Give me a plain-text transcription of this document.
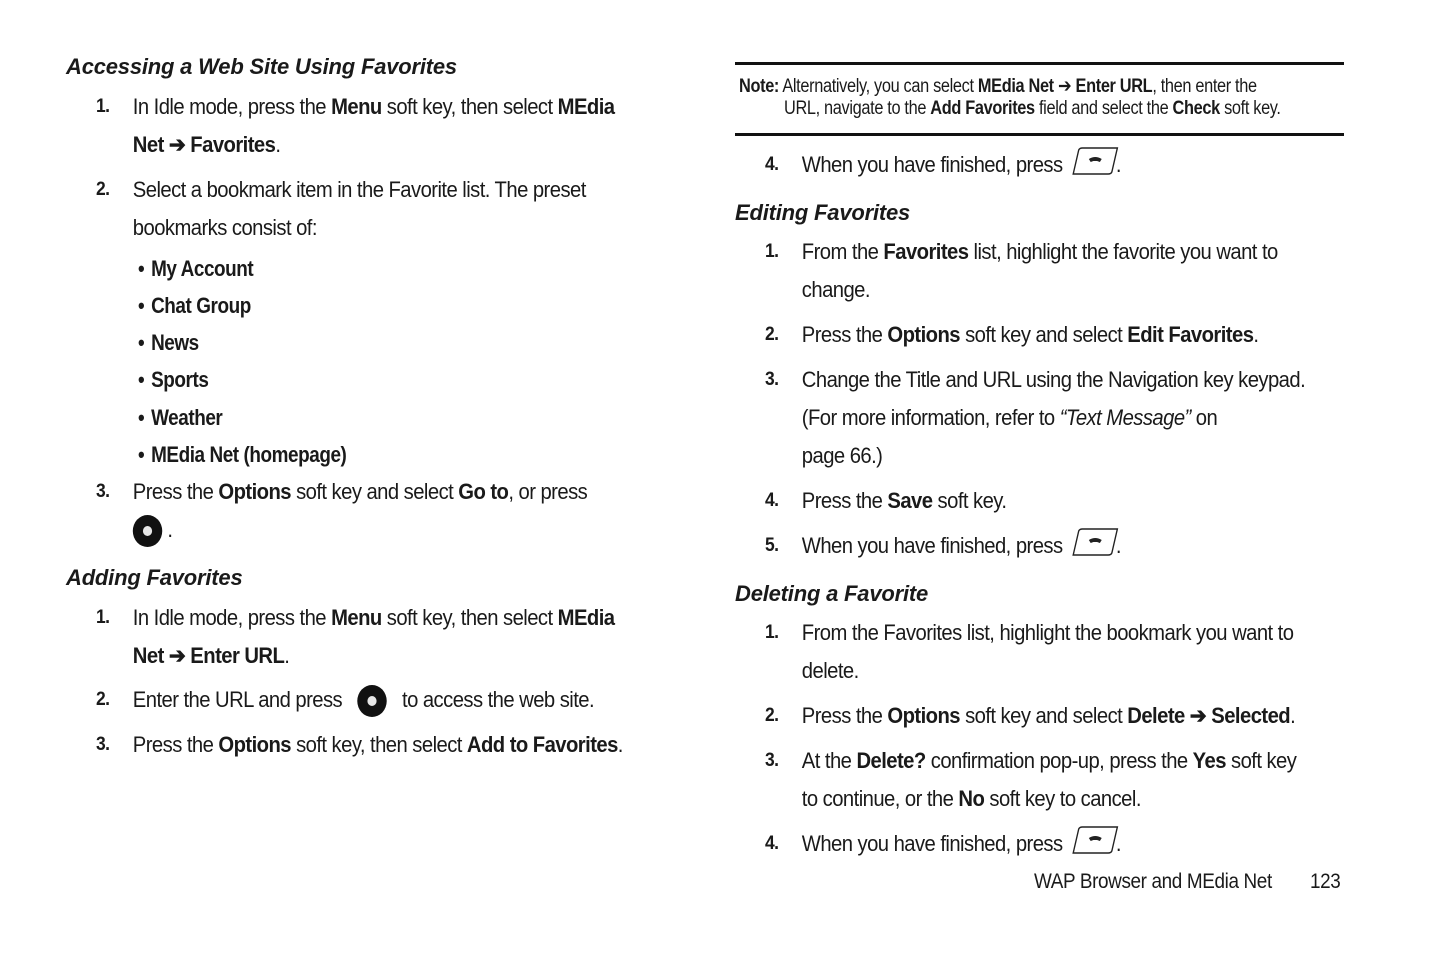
Accessing a Web Site Using Favorites
1. In Idle mode, press the Menu soft key, then select MEdia
Net ➔ Favorites.
2. Select a bookmark item in the Favorite list. The preset
bookmarks consist of:
• My Account
• Chat Group
• News
• Sports
• Weather
• MEdia Net (homepage)
3. Press the Options soft key and select Go to, or press
.
Adding Favorites
1. In Idle mode, press the Menu soft key, then select MEdia
Net ➔ Enter URL.
2. Enter the URL and press	to access the web site.
3. Press the Options soft key, then select Add to Favorites.
Note: Alternatively, you can select MEdia Net ➔ Enter URL, then enter the
URL, navigate to the Add Favorites field and select the Check soft key.
4. When you have finished, press .
Editing Favorites
1. From the Favorites list, highlight the favorite you want to
change.
2. Press the Options soft key and select Edit Favorites.
3. Change the Title and URL using the Navigation key keypad.
(For more information, refer to “Text Message” on
page 66.)
4. Press the Save soft key.
5. When you have finished, press .
Deleting a Favorite
1. From the Favorites list, highlight the bookmark you want to
delete.
2. Press the Options soft key and select Delete ➔ Selected.
3. At the Delete? confirmation pop-up, press the Yes soft key
to continue, or the No soft key to cancel.
4. When you have finished, press .
WAP Browser and MEdia Net 123
